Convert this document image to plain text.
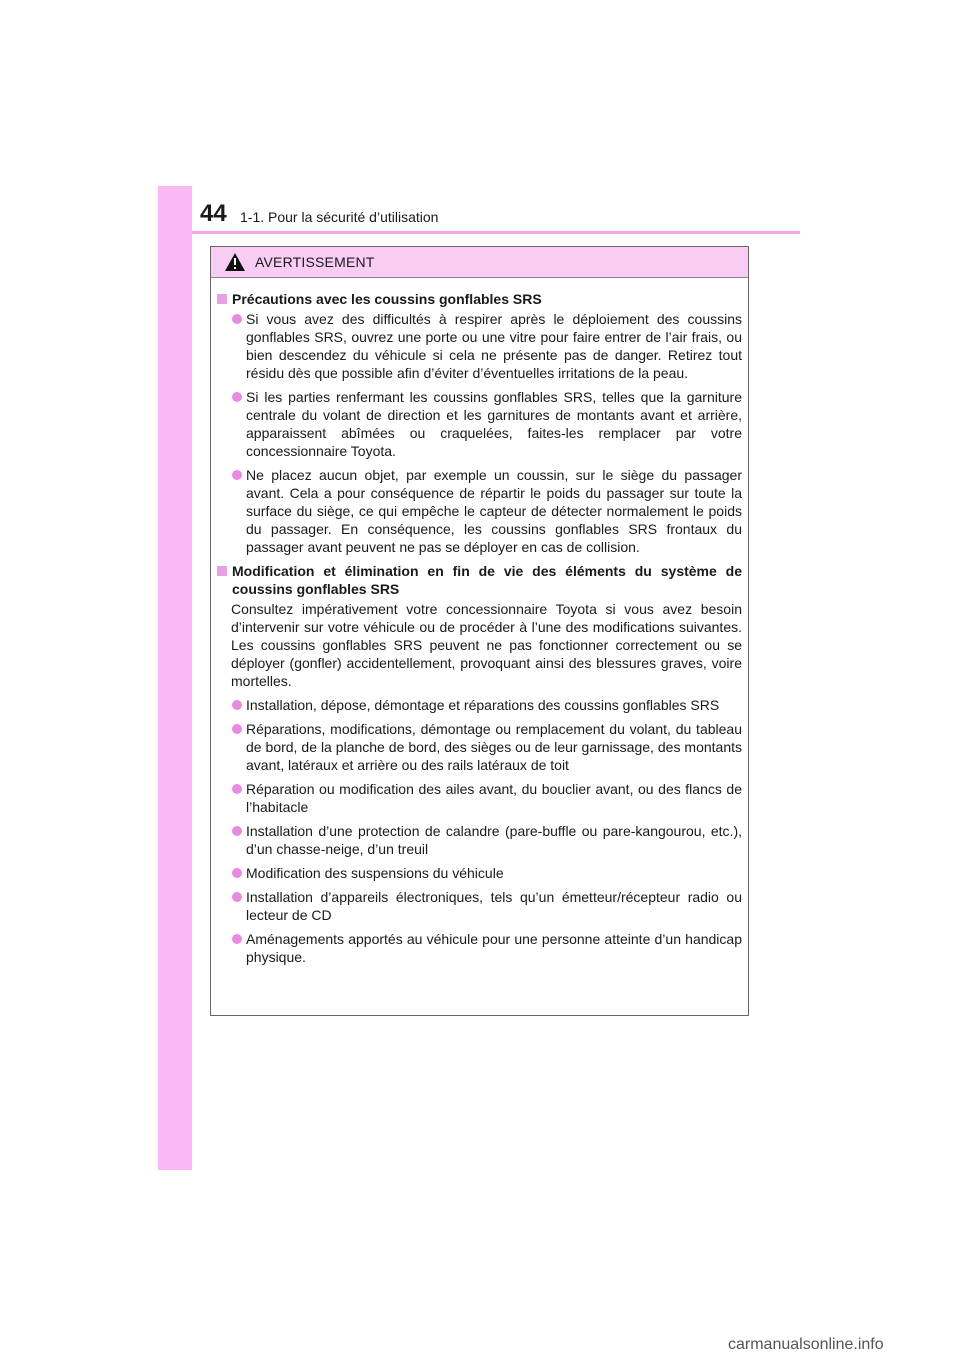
44 1-1. Pour la sécurité d’utilisation
AVERTISSEMENT
Précautions avec les coussins gonflables SRS
Si vous avez des difficultés à respirer après le déploiement des coussins gonflables SRS, ouvrez une porte ou une vitre pour faire entrer de l’air frais, ou bien descendez du véhicule si cela ne présente pas de danger. Retirez tout résidu dès que possible afin d’éviter d’éventuelles irritations de la peau.
Si les parties renfermant les coussins gonflables SRS, telles que la garniture centrale du volant de direction et les garnitures de montants avant et arrière, apparaissent abîmées ou craquelées, faites-les remplacer par votre concessionnaire Toyota.
Ne placez aucun objet, par exemple un coussin, sur le siège du passager avant. Cela a pour conséquence de répartir le poids du passager sur toute la surface du siège, ce qui empêche le capteur de détecter normalement le poids du passager. En conséquence, les coussins gonflables SRS frontaux du passager avant peuvent ne pas se déployer en cas de collision.
Modification et élimination en fin de vie des éléments du système de coussins gonflables SRS
Consultez impérativement votre concessionnaire Toyota si vous avez besoin d’intervenir sur votre véhicule ou de procéder à l’une des modifications suivantes. Les coussins gonflables SRS peuvent ne pas fonctionner correctement ou se déployer (gonfler) accidentellement, provoquant ainsi des blessures graves, voire mortelles.
Installation, dépose, démontage et réparations des coussins gonflables SRS
Réparations, modifications, démontage ou remplacement du volant, du tableau de bord, de la planche de bord, des sièges ou de leur garnissage, des montants avant, latéraux et arrière ou des rails latéraux de toit
Réparation ou modification des ailes avant, du bouclier avant, ou des flancs de l’habitacle
Installation d’une protection de calandre (pare-buffle ou pare-kangourou, etc.), d’un chasse-neige, d’un treuil
Modification des suspensions du véhicule
Installation d’appareils électroniques, tels qu’un émetteur/récepteur radio ou lecteur de CD
Aménagements apportés au véhicule pour une personne atteinte d’un handicap physique.
carmanualsonline.info
